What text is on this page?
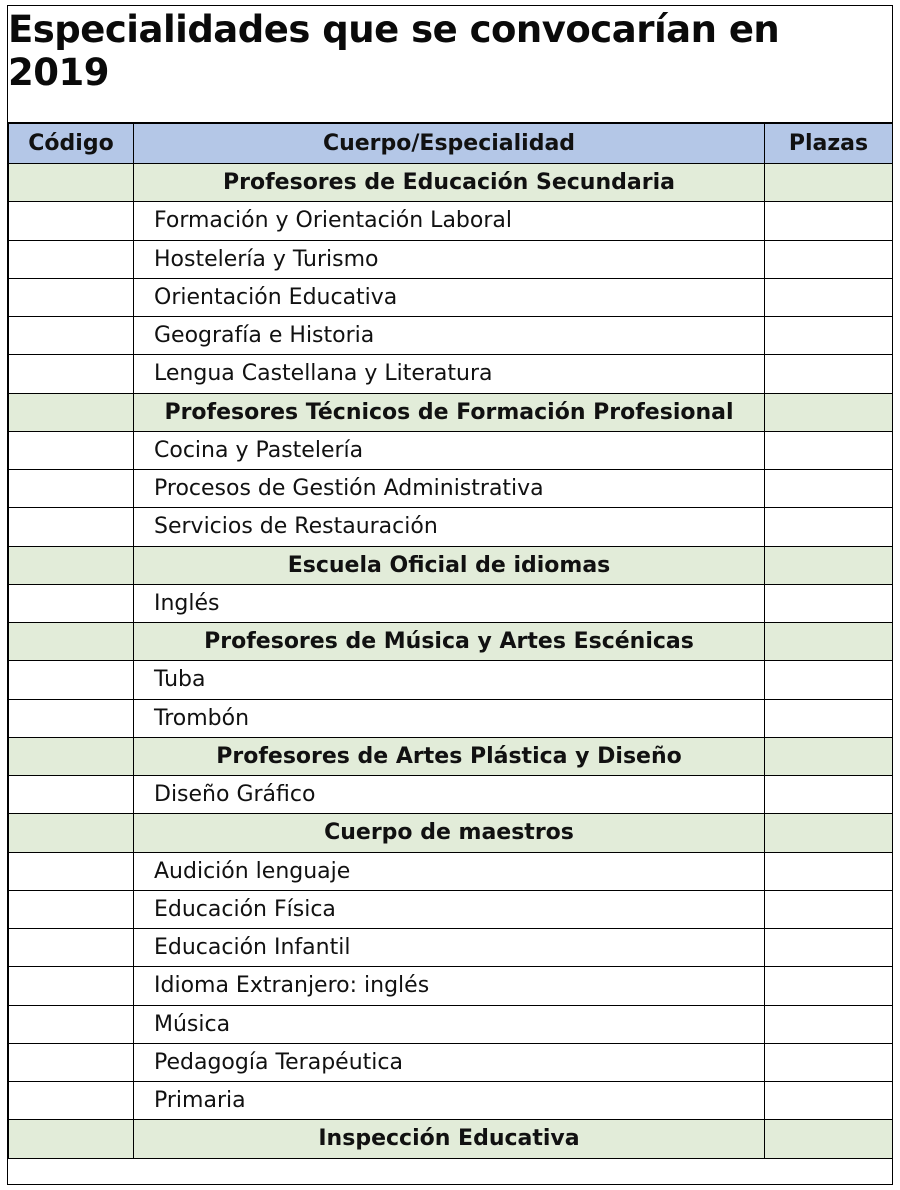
Especialidades que se convocarían en 2019
Código	Cuerpo/Especialidad	Plazas
	Profesores de Educación Secundaria	
	Formación y Orientación Laboral	
	Hostelería y Turismo	
	Orientación Educativa	
	Geografía e Historia	
	Lengua Castellana y Literatura	
	Profesores Técnicos de Formación Profesional	
	Cocina y Pastelería	
	Procesos de Gestión Administrativa	
	Servicios de Restauración	
	Escuela Oficial de idiomas	
	Inglés	
	Profesores de Música y Artes Escénicas	
	Tuba	
	Trombón	
	Profesores de Artes Plástica y Diseño	
	Diseño Gráfico	
	Cuerpo de maestros	
	Audición lenguaje	
	Educación Física	
	Educación Infantil	
	Idioma Extranjero: inglés	
	Música	
	Pedagogía Terapéutica	
	Primaria	
	Inspección Educativa	
